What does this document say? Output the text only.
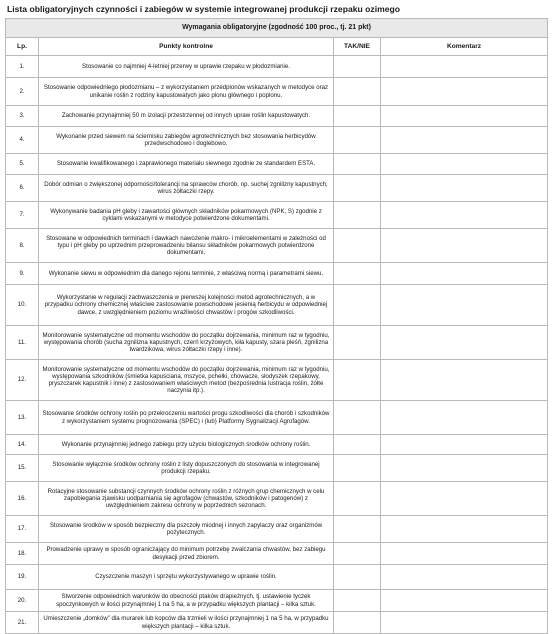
Lista obligatoryjnych czynności i zabiegów w systemie integrowanej produkcji rzepaku ozimego
Wymagania obligatoryjne (zgodność 100 proc., tj. 21 pkt)			
Lp.	Punkty kontrolne	TAK/NIE	Komentarz
1.	Stosowanie co najmniej 4-letniej przerwy w uprawie rzepaku w płodozmianie.		
2.	Stosowanie odpowiedniego płodozmianu – z wykorzystaniem przedplonów wskazanych w metodyce oraz unikanie roślin z rodziny kapustowatych jako plonu głównego i poplonu.		
3.	Zachowanie przynajmniej 50 m izolacji przestrzennej od innych upraw roślin kapustowatych.		
4.	Wykonanie przed siewem na ściernisku zabiegów agrotechnicznych bez stosowania herbicydów przedwschodowo i doglebowo.		
5.	Stosowanie kwalifikowanego i zaprawionego materiału siewnego zgodnie ze standardem ESTA.		
6.	Dobór odmian o zwiększonej odporności/tolerancji na sprawców chorób, np. suchej zgnilizny kapustnych, wirus żółtaczki rzepy.		
7.	Wykonywanie badania pH gleby i zawartości głównych składników pokarmowych (NPK, S) zgodnie z cyklami wskazanymi w metodyce potwierdzone dokumentami.		
8.	Stosowane w odpowiednich terminach i dawkach nawożenie makro- i mikroelementami w zależności od typu i pH gleby po uprzednim przeprowadzeniu bilansu składników pokarmowych potwierdzone dokumentami.		
9.	Wykonanie siewu w odpowiednim dla danego rejonu terminie, z właściwą normą i parametrami siewu.		
10.	Wykorzystanie w regulacji zachwaszczenia w pierwszej kolejności metod agrotechnicznych, a w przypadku ochrony chemicznej właściwe zastosowanie powschodowe jesienią herbicydu w odpowiedniej dawce, z uwzględnieniem poziomu wrażliwości chwastów i progów szkodliwości.		
11.	Monitorowanie systematyczne od momentu wschodów do początku dojrzewania, minimum raz w tygodniu, występowania chorób (sucha zgnilizna kapustnych, czerń krzyżowych, kiła kapusty, szara pleśń, zgnilizna twardzikowa, wirus żółtaczki rzepy i inne).		
12.	Monitorowanie systematyczne od momentu wschodów do początku dojrzewania, minimum raz w tygodniu, występowania szkodników (śmietka kapuściana, mszyce, pchełki, chowacze, słodyszek rzepakowy, pryszczarek kapustnik i inne) z zastosowaniem właściwych metod (bezpośrednia lustracja roślin, żółte naczynia itp.).		
13.	Stosowanie środków ochrony roślin po przekroczeniu wartości progu szkodliwości dla chorób i szkodników z wykorzystaniem systemu prognozowania (SPEC) i (lub) Platformy Sygnalizacji Agrofagów.		
14.	Wykonanie przynajmniej jednego zabiegu przy użyciu biologicznych środków ochrony roślin.		
15.	Stosowanie wyłącznie środków ochrony roślin z listy dopuszczonych do stosowania w integrowanej produkcji rzepaku.		
16.	Rotacyjne stosowanie substancji czynnych środków ochrony roślin z różnych grup chemicznych w celu zapobiegania zjawisku uodparniania się agrofagów (chwastów, szkodników i patogenów) z uwzględnieniem zakresu ochrony w poprzednich sezonach.		
17.	Stosowanie środków w sposób bezpieczny dla pszczoły miodnej i innych zapylaczy oraz organizmów pożytecznych.		
18.	Prowadzenie uprawy w sposób ograniczający do minimum potrzebę zwalczania chwastów, bez zabiegu desykacji przed zbiorem.		
19.	Czyszczenie maszyn i sprzętu wykorzystywanego w uprawie roślin.		
20.	Stworzenie odpowiednich warunków do obecności ptaków drapieżnych, tj. ustawienie tyczek spoczynkowych w ilości przynajmniej 1 na 5 ha, a w przypadku większych plantacji – kilka sztuk.		
21.	Umieszczenie „domków” dla murarek lub kopców dla trzmieli w ilości przynajmniej 1 na 5 ha, w przypadku większych plantacji – kilka sztuk.		
